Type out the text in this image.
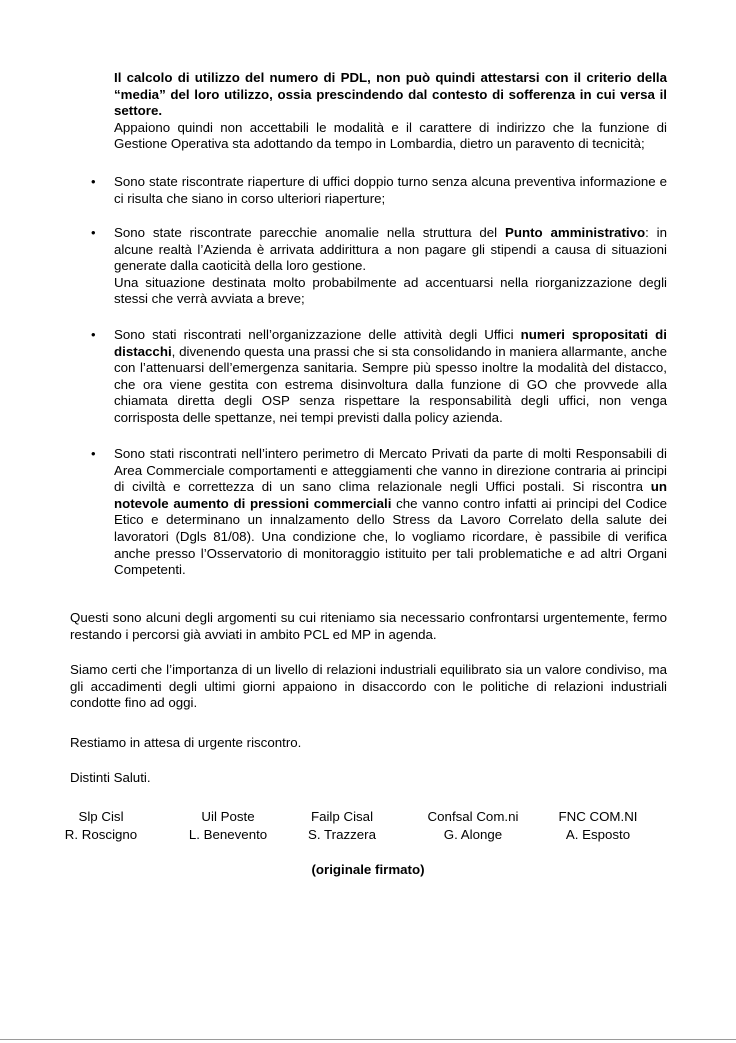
Il calcolo di utilizzo del numero di PDL, non può quindi attestarsi con il criterio della “media” del loro utilizzo, ossia prescindendo dal contesto di sofferenza in cui versa il settore.

Appaiono quindi non accettabili le modalità e il carattere di indirizzo che la funzione di Gestione Operativa sta adottando da tempo in Lombardia, dietro un paravento di tecnicità;

• Sono state riscontrate riaperture di uffici doppio turno senza alcuna preventiva informazione e ci risulta che siano in corso ulteriori riaperture;

• Sono state riscontrate parecchie anomalie nella struttura del Punto amministrativo: in alcune realtà l’Azienda è arrivata addirittura a non pagare gli stipendi a causa di situazioni generate dalla caoticità della loro gestione.

Una situazione destinata molto probabilmente ad accentuarsi nella riorganizzazione degli stessi che verrà avviata a breve;

• Sono stati riscontrati nell’organizzazione delle attività degli Uffici numeri spropositati di distacchi, divenendo questa una prassi che si sta consolidando in maniera allarmante, anche con l’attenuarsi dell’emergenza sanitaria. Sempre più spesso inoltre la modalità del distacco, che ora viene gestita con estrema disinvoltura dalla funzione di GO che provvede alla chiamata diretta degli OSP senza rispettare la responsabilità degli uffici, non venga corrisposta delle spettanze, nei tempi previsti dalla policy azienda.

• Sono stati riscontrati nell’intero perimetro di Mercato Privati da parte di molti Responsabili di Area Commerciale comportamenti e atteggiamenti che vanno in direzione contraria ai principi di civiltà e correttezza di un sano clima relazionale negli Uffici postali. Si riscontra un notevole aumento di pressioni commerciali che vanno contro infatti ai principi del Codice Etico e determinano un innalzamento dello Stress da Lavoro Correlato della salute dei lavoratori (Dgls 81/08). Una condizione che, lo vogliamo ricordare, è passibile di verifica anche presso l’Osservatorio di monitoraggio istituito per tali problematiche e ad altri Organi Competenti.

Questi sono alcuni degli argomenti su cui riteniamo sia necessario confrontarsi urgentemente, fermo restando i percorsi già avviati in ambito PCL ed MP in agenda.

Siamo certi che l’importanza di un livello di relazioni industriali equilibrato sia un valore condiviso, ma gli accadimenti degli ultimi giorni appaiono in disaccordo con le politiche di relazioni industriali condotte fino ad oggi.

Restiamo in attesa di urgente riscontro.

Distinti Saluti.

Slp Cisl
R. Roscigno
Uil Poste
L. Benevento
Failp Cisal
S. Trazzera
Confsal Com.ni
G. Alonge
FNC COM.NI
A. Esposto
(originale firmato)
